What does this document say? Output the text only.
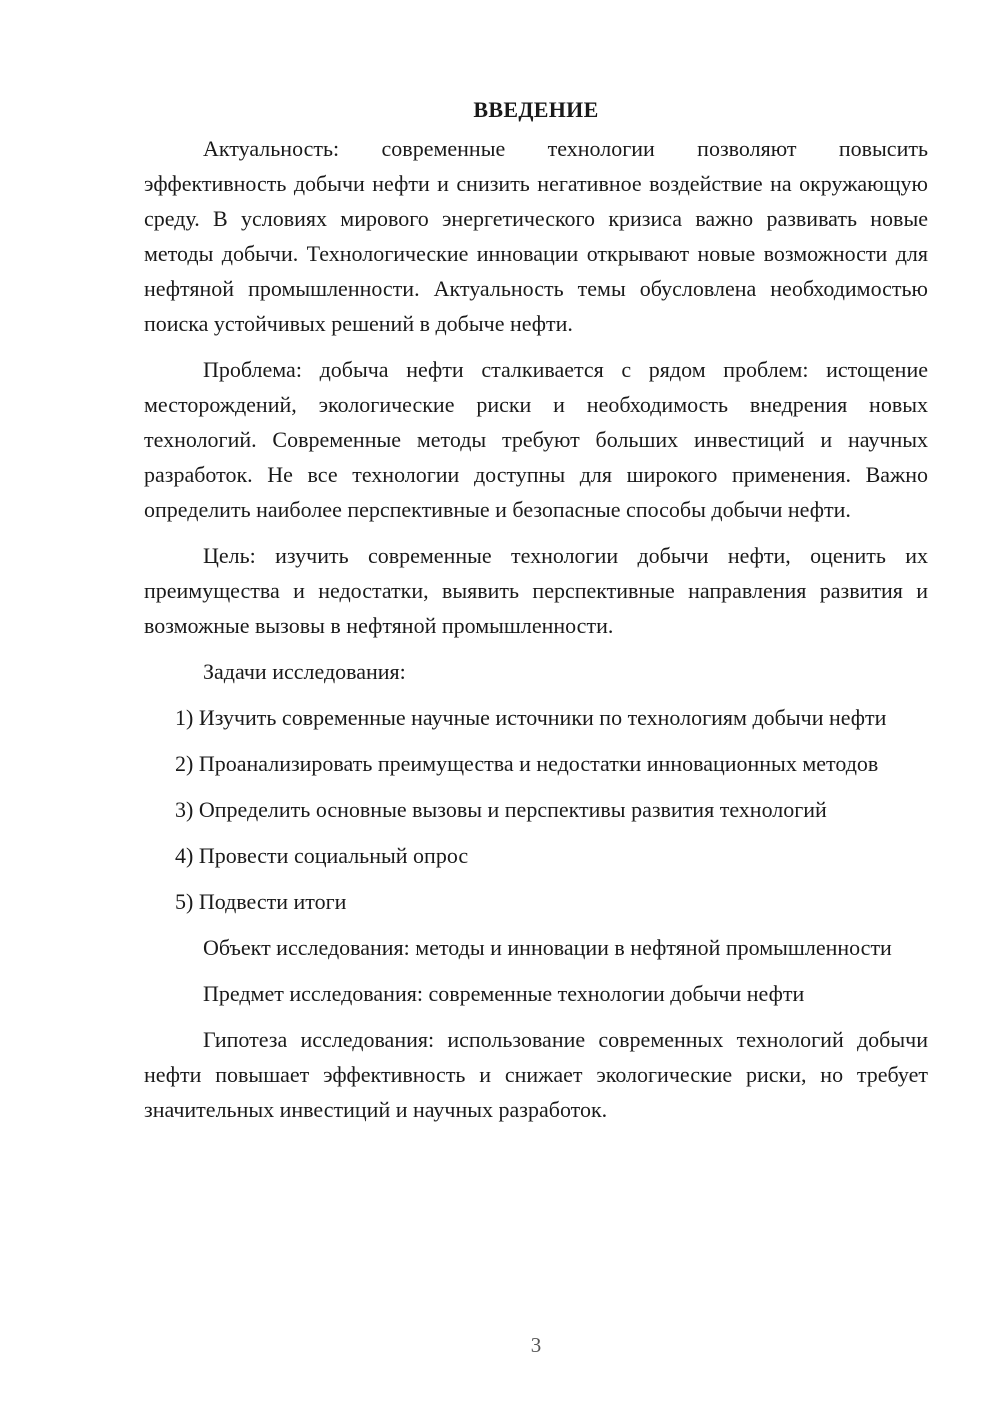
ВВЕДЕНИЕ

Актуальность: современные технологии позволяют повысить эффективность добычи нефти и снизить негативное воздействие на окружающую среду. В условиях мирового энергетического кризиса важно развивать новые методы добычи. Технологические инновации открывают новые возможности для нефтяной промышленности. Актуальность темы обусловлена необходимостью поиска устойчивых решений в добыче нефти.

Проблема: добыча нефти сталкивается с рядом проблем: истощение месторождений, экологические риски и необходимость внедрения новых технологий. Современные методы требуют больших инвестиций и научных разработок. Не все технологии доступны для широкого применения. Важно определить наиболее перспективные и безопасные способы добычи нефти.

Цель: изучить современные технологии добычи нефти, оценить их преимущества и недостатки, выявить перспективные направления развития и возможные вызовы в нефтяной промышленности.

Задачи исследования:

1) Изучить современные научные источники по технологиям добычи нефти

2) Проанализировать преимущества и недостатки инновационных методов

3) Определить основные вызовы и перспективы развития технологий

4) Провести социальный опрос

5) Подвести итоги

Объект исследования: методы и инновации в нефтяной промышленности

Предмет исследования: современные технологии добычи нефти

Гипотеза исследования: использование современных технологий добычи нефти повышает эффективность и снижает экологические риски, но требует значительных инвестиций и научных разработок.

3
